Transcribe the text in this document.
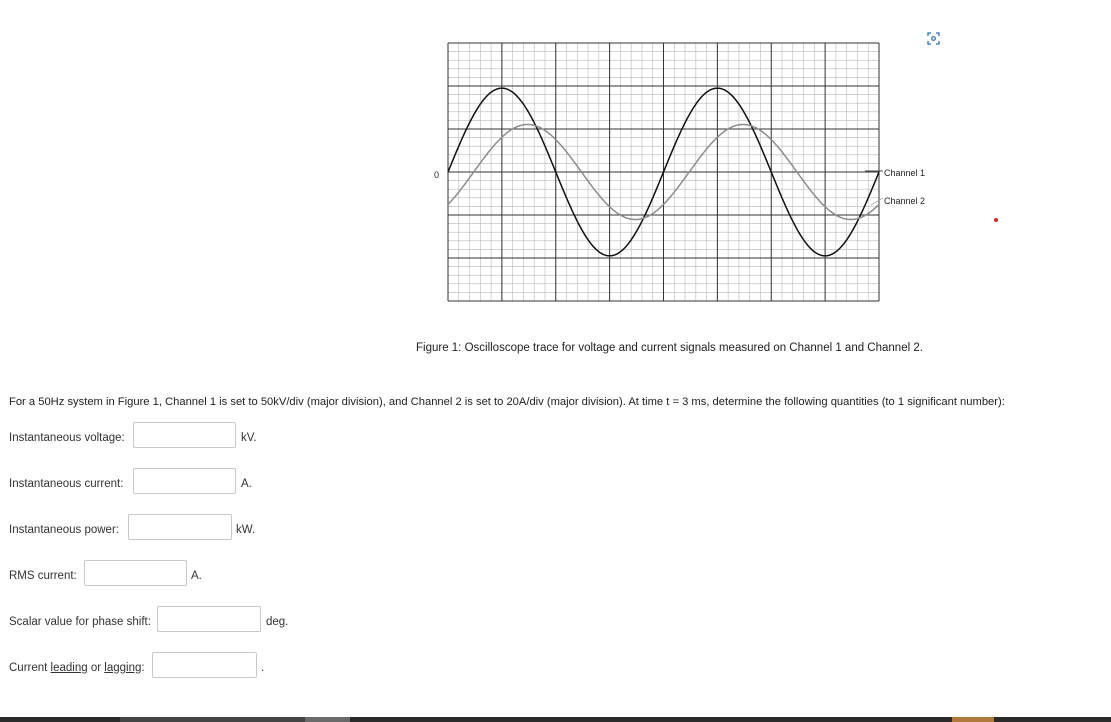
0	Channel 1
Channel 2
Figure 1: Oscilloscope trace for voltage and current signals measured on Channel 1 and Channel 2.
For a 50Hz system in Figure 1, Channel 1 is set to 50kV/div (major division), and Channel 2 is set to 20A/div (major division). At time t = 3 ms, determine the following quantities (to 1 significant number):
Instantaneous voltage:	kV.
Instantaneous current:	A.
Instantaneous power:	kW.
RMS current:	A.
Scalar value for phase shift:	deg.
Current leading or lagging:	.
